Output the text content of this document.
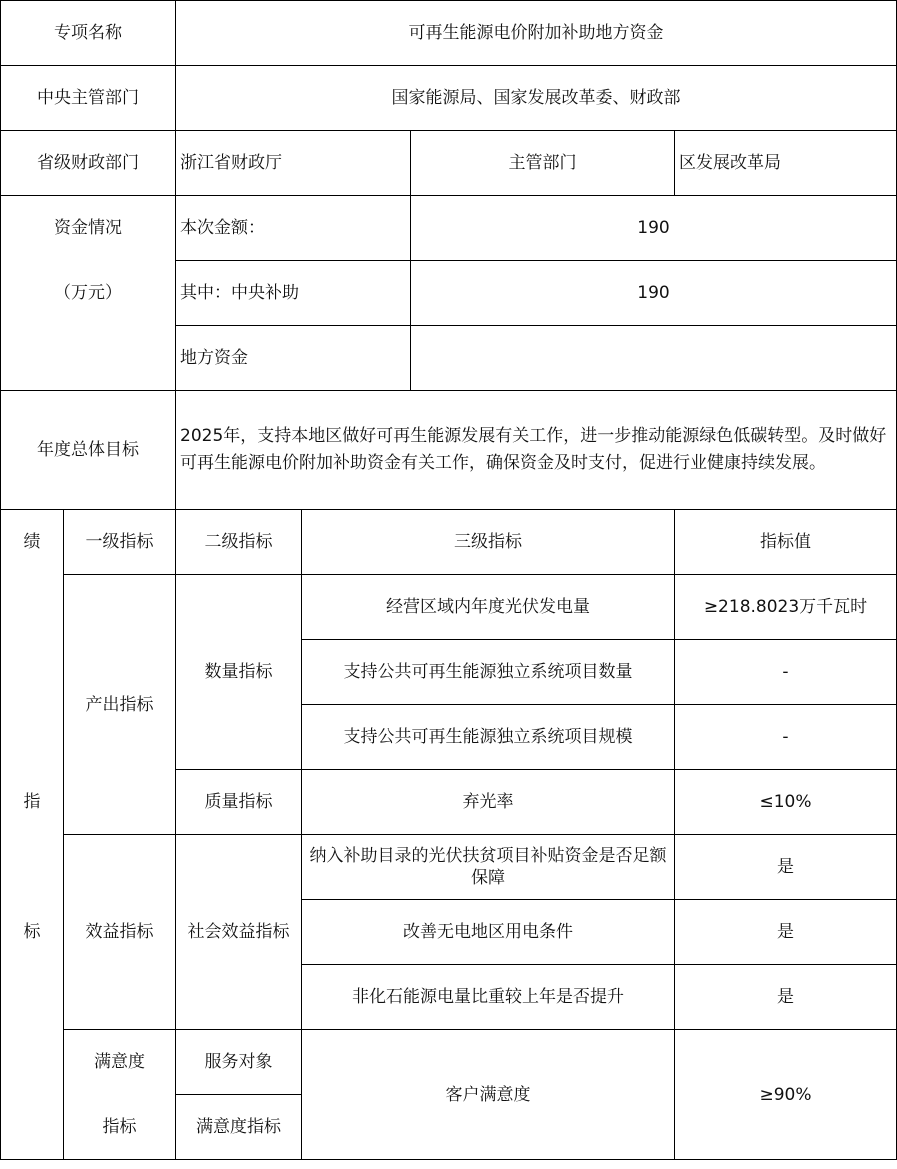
专项名称		可再生能源电价附加补助地方资金			
中央主管部门		国家能源局、国家发展改革委、财政部			
省级财政部门		浙江省财政厅		主管部门	区发展改革局
资金情况		本次金额：		190	
（万元）		其中：中央补助		190	
		地方资金			
年度总体目标		2025年，支持本地区做好可再生能源发展有关工作，进一步推动能源绿色低碳转型。及时做好可再生能源电价附加补助资金有关工作，确保资金及时支付，促进行业健康持续发展。			
绩	一级指标	二级指标	三级指标		指标值
	产出指标	数量指标	经营区域内年度光伏发电量		≥218.8023万千瓦时
			支持公共可再生能源独立系统项目数量		-
			支持公共可再生能源独立系统项目规模		-
指		质量指标	弃光率		≤10%
	效益指标	社会效益指标	纳入补助目录的光伏扶贫项目补贴资金是否足额保障		是
标			改善无电地区用电条件		是
			非化石能源电量比重较上年是否提升		是
	满意度	服务对象	客户满意度		≥90%
	指标	满意度指标			
